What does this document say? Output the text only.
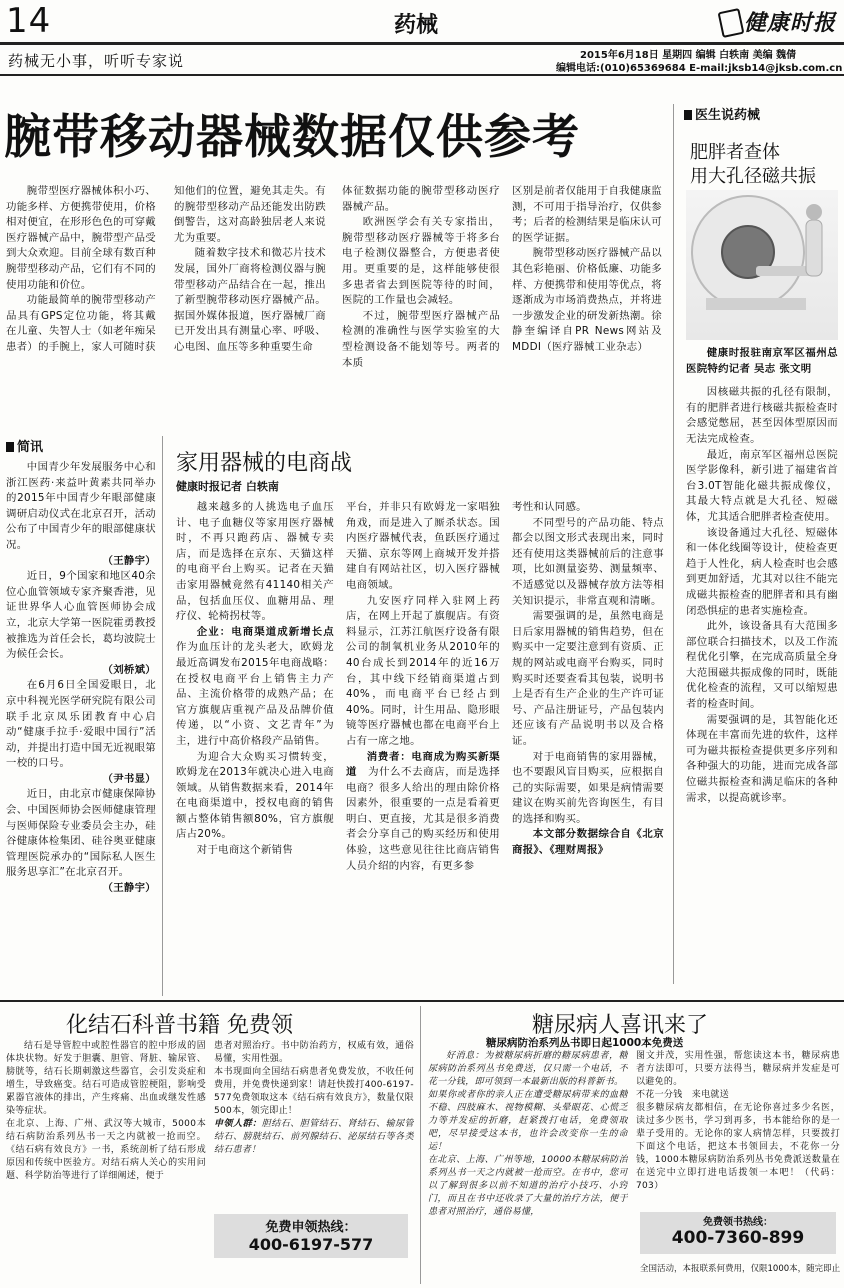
14	药械	健康时报
药械无小事，听听专家说	2015年6月18日 星期四 编辑 白轶南 美编 魏倩
编辑电话:(010)65369684 E-mail:jksb14@jksb.com.cn
腕带移动器械数据仅供参考

腕带型医疗器械体积小巧、功能多样、方便携带使用，价格相对便宜，在形形色色的可穿戴医疗器械产品中，腕带型产品受到大众欢迎。目前全球有数百种腕带型移动产品，它们有不同的使用功能和价位。

功能最简单的腕带型移动产品具有GPS定位功能，将其戴在儿童、失智人士（如老年痴呆患者）的手腕上，家人可随时获

知他们的位置，避免其走失。有的腕带型移动产品还能发出防跌倒警告，这对高龄独居老人来说尤为重要。

随着数字技术和微芯片技术发展，国外厂商将检测仪器与腕带型移动产品结合在一起，推出了新型腕带移动医疗器械产品。据国外媒体报道，医疗器械厂商已开发出具有测量心率、呼吸、心电图、血压等多种重要生命

体征数据功能的腕带型移动医疗器械产品。

欧洲医学会有关专家指出，腕带型移动医疗器械等于将多台电子检测仪器整合，方便患者使用。更重要的是，这样能够使很多患者省去到医院等待的时间，医院的工作量也会减轻。

不过，腕带型医疗器械产品检测的准确性与医学实验室的大型检测设备不能划等号。两者的本质

区别是前者仅能用于自我健康监测，不可用于指导治疗，仅供参考；后者的检测结果是临床认可的医学证据。

腕带型移动医疗器械产品以其色彩艳丽、价格低廉、功能多样、方便携带和使用等优点，将逐渐成为市场消费热点，并将进一步激发企业的研发新热潮。徐静奎编译自PR News网站及MDDI（医疗器械工业杂志）

医生说药械
肥胖者查体
用大孔径磁共振

健康时报驻南京军区福州总医院特约记者 吴志 张文明

因核磁共振的孔径有限制，有的肥胖者进行核磁共振检查时会感觉憋屈，甚至因体型原因而无法完成检查。

最近，南京军区福州总医院医学影像科，新引进了福建省首台3.0T智能化磁共振成像仪，其最大特点就是大孔径、短磁体，尤其适合肥胖者检查使用。

该设备通过大孔径、短磁体和一体化线圈等设计，使检查更趋于人性化，病人检查时也会感到更加舒适，尤其对以往不能完成磁共振检查的肥胖者和具有幽闭恐惧症的患者实施检查。

此外，该设备具有大范围多部位联合扫描技术，以及工作流程优化引擎，在完成高质量全身大范围磁共振成像的同时，既能优化检查的流程，又可以缩短患者的检查时间。

需要强调的是，其智能化还体现在丰富而先进的软件，这样可为磁共振检查提供更多序列和各种强大的功能，进而完成各部位磁共振检查和满足临床的各种需求，以提高就诊率。

简讯

中国青少年发展服务中心和浙江医药·来益叶黄素共同举办的2015年中国青少年眼部健康调研启动仪式在北京召开，活动公布了中国青少年的眼部健康状况。

（王静宇）

近日，9个国家和地区40余位心血管领域专家齐聚香港，见证世界华人心血管医师协会成立，北京大学第一医院霍勇教授被推选为首任会长，葛均波院士为候任会长。

（刘桥斌）

在6月6日全国爱眼日，北京中科视光医学研究院有限公司联手北京凤乐团教育中心启动“健康手拉手·爱眼中国行”活动，并提出打造中国无近视眼第一校的口号。

（尹书显）

近日，由北京市健康保障协会、中国医师协会医师健康管理与医师保险专业委员会主办，硅谷健康体检集团、硅谷奥亚健康管理医院承办的“国际私人医生服务思享汇”在北京召开。

（王静宇）

家用器械的电商战
健康时报记者 白轶南

越来越多的人挑选电子血压计、电子血糖仪等家用医疗器械时，不再只跑药店、器械专卖店，而是选择在京东、天猫这样的电商平台上购买。记者在天猫击家用器械竟然有41140相关产品，包括血压仪、血糖用品、理疗仪、轮椅拐杖等。

企业：电商渠道成新增长点　作为血压计的龙头老大，欧姆龙最近高调发布2015年电商战略：在授权电商平台上销售主力产品、主流价格带的成熟产品；在官方旗舰店重视产品及品牌价值传递，以“小资、文艺青年”为主，进行中高价格段产品销售。

为迎合大众购买习惯转变，欧姆龙在2013年就决心进入电商领域。从销售数据来看，2014年在电商渠道中，授权电商的销售额占整体销售额80%，官方旗舰店占20%。

对于电商这个新销售

平台，并非只有欧姆龙一家唱独角戏，而是进入了厮杀状态。国内医疗器械代表，鱼跃医疗通过天猫、京东等网上商城开发并搭建自有网站社区，切入医疗器械电商领域。

九安医疗同样入驻网上药店，在网上开起了旗舰店。有资料显示，江苏江航医疗设备有限公司的制氧机业务从2010年的40台成长到2014年的近16万台，其中线下经销商渠道占到40%，而电商平台已经占到40%。同时，计生用品、隐形眼镜等医疗器械也都在电商平台上占有一席之地。

消费者：电商成为购买新渠道　 为什么不去商店，而是选择电商？很多人给出的理由除价格因素外，很重要的一点是看着更明白、更直接，尤其是很多消费者会分享自己的购买经历和使用体验，这些意见往往比商店销售人员介绍的内容，有更多参

考性和认同感。

不同型号的产品功能、特点都会以图文形式表现出来，同时还有使用这类器械前后的注意事项，比如测量姿势、测量频率、不适感觉以及器械存放方法等相关知识提示，非常直观和清晰。

需要强调的是，虽然电商是日后家用器械的销售趋势，但在购买中一定要注意到有资质、正规的网站或电商平台购买，同时购买时还要查看其包装，说明书上是否有生产企业的生产许可证号、产品注册证号，产品包装内还应该有产品说明书以及合格证。

对于电商销售的家用器械，也不要跟风盲目购买，应根据自己的实际需要，如果是病情需要建议在购买前先咨询医生，有目的选择和购买。

本文部分数据综合自《北京商报》、《理财周报》

化结石科普书籍 免费领

结石是导管腔中或腔性器官的腔中形成的固体块状物。好发于胆囊、胆管、肾脏、输尿管、膀胱等，结石长期刺激这些器官，会引发炎症和增生，导致癌变。结石可造成管腔梗阻，影响受累器官液体的排出，产生疼痛、出血或继发性感染等症状。
在北京、上海、广州、武汉等大城市，5000本结石病防治系列丛书一天之内就被一抢而空。《结石病有效良方》一书，系统剖析了结石形成原因和传统中医验方。对结石病人关心的实用问题、科学防治等进行了详细阐述，便于

患者对照治疗。书中防治药方，权威有效，通俗易懂，实用性强。
本书现面向全国结石病患者免费发放，不收任何费用，并免费快递到家！请赶快拨打400-6197-577免费领取这本《结石病有效良方》，数量仅限500本，领完即止！

申领人群：胆结石、胆管结石、肾结石、输尿管结石、膀胱结石、前列腺结石、泌尿结石等各类结石患者！

免费申领热线：
400-6197-577
糖尿病人喜讯来了
糖尿病防治系列丛书即日起1000本免费送

好消息：为被糖尿病折磨的糖尿病患者，糖尿病防治系列丛书免费送，仅只需一个电话，不花一分钱，即可领到一本最新出版的科普新书。
如果你或者你的亲人正在遭受糖尿病带来的血糖不稳、四肢麻木、视物模糊、头晕眼花、心慌乏力等并发症的折磨，赶紧拨打电话，免费领取吧，尽早接受这本书，也许会改变你一生的命运！
在北京、上海、广州等地，10000本糖尿病防治系列丛书一天之内就被一抢而空。在书中，您可以了解到很多以前不知道的治疗小技巧、小窍门，而且在书中还收录了大量的治疗方法，便于患者对照治疗，通俗易懂，

图文并茂，实用性强，帮您读这本书，糖尿病患者方法即可，只要方法得当，糖尿病并发症是可以避免的。
不花一分钱　来电就送
很多糖尿病友都相信，在无论你喜过多少名医，读过多少医书，学习到再多，书本能给你的是一辈子受用的。无论你的家人病情怎样，只要拨打下面这个电话，把这本书领回去，不花你一分钱，1000本糖尿病防治系列丛书免费派送数量在在送完中立即打进电话拨领一本吧！（代码：703）

免费领书热线：
400-7360-899
全国活动，本报联系何费用，仅限1000本，随完即止
